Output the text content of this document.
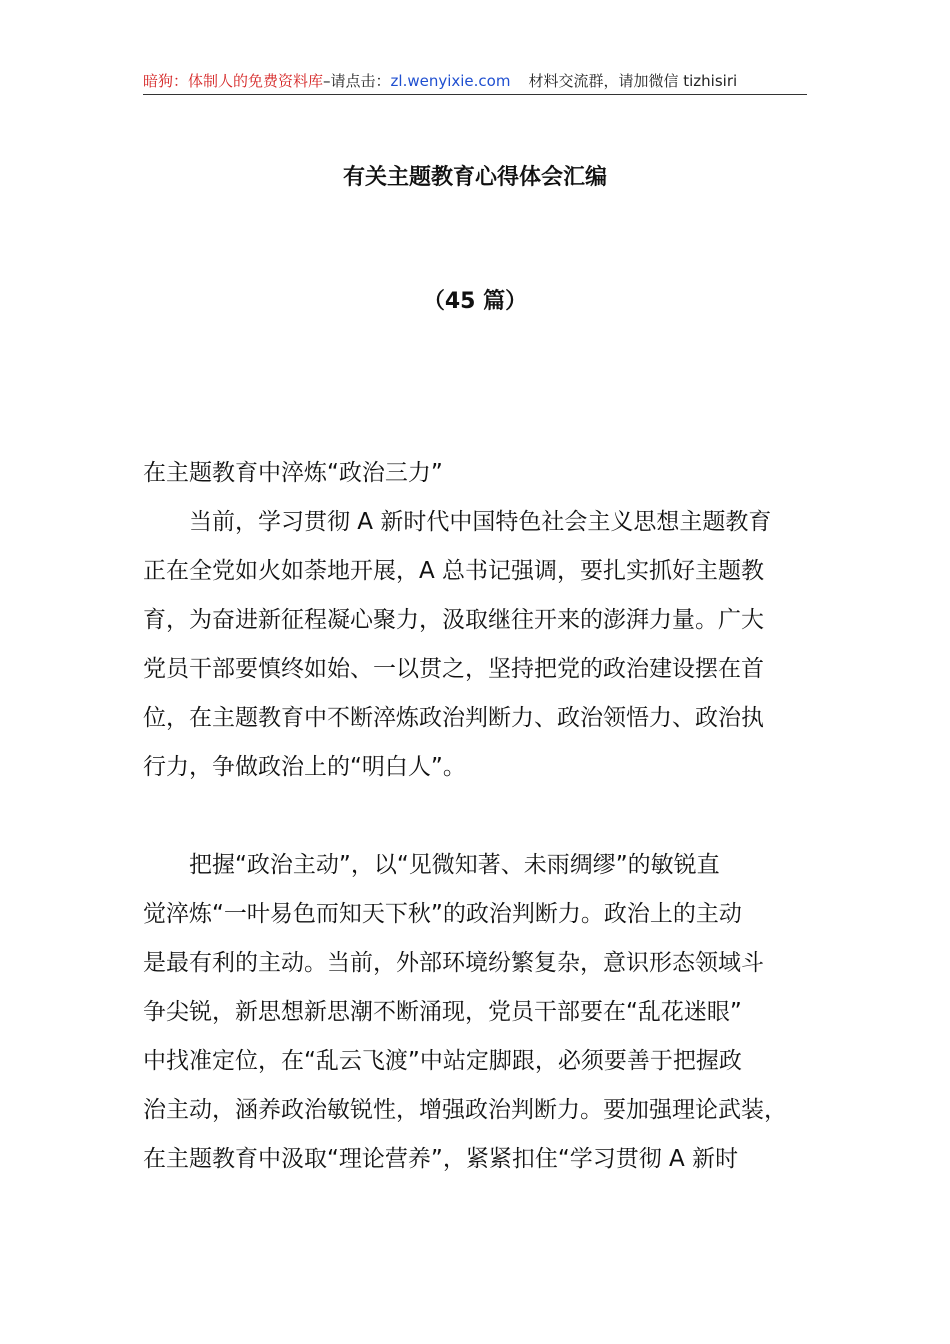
暗狗：体制人的免费资料库–请点击：zl.wenyixie.com 材料交流群，请加微信 tizhisiri
有关主题教育心得体会汇编
（45 篇）

在主题教育中淬炼“政治三力”

当前，学习贯彻 A 新时代中国特色社会主义思想主题教育
正在全党如火如荼地开展，A 总书记强调，要扎实抓好主题教
育，为奋进新征程凝心聚力，汲取继往开来的澎湃力量。广大
党员干部要慎终如始、一以贯之，坚持把党的政治建设摆在首
位，在主题教育中不断淬炼政治判断力、政治领悟力、政治执
行力，争做政治上的“明白人”。

把握“政治主动”，以“见微知著、未雨绸缪”的敏锐直
觉淬炼“一叶易色而知天下秋”的政治判断力。政治上的主动
是最有利的主动。当前，外部环境纷繁复杂，意识形态领域斗
争尖锐，新思想新思潮不断涌现，党员干部要在“乱花迷眼”
中找准定位，在“乱云飞渡”中站定脚跟，必须要善于把握政
治主动，涵养政治敏锐性，增强政治判断力。要加强理论武装，
在主题教育中汲取“理论营养”，紧紧扣住“学习贯彻 A 新时
